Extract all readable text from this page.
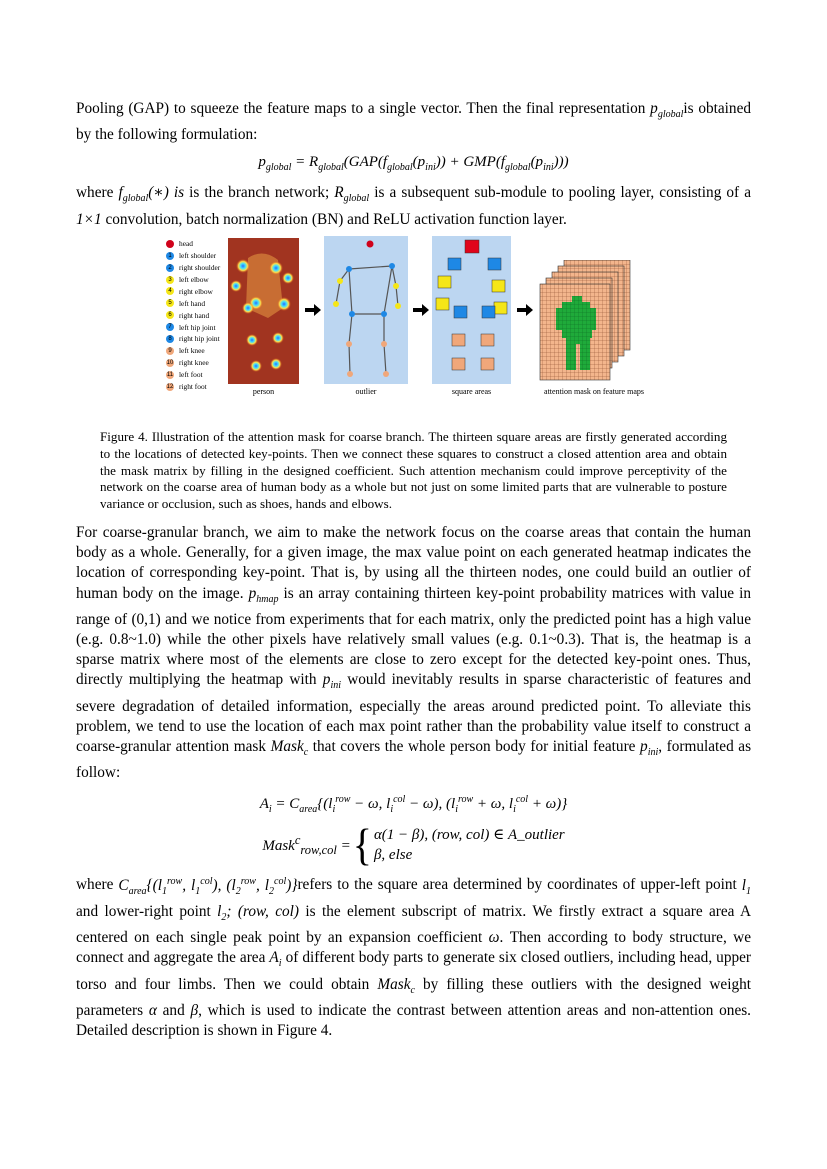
Pooling (GAP) to squeeze the feature maps to a single vector. Then the final representation $p_{global}is$ obtained by the following formulation:

$p_{global} = R_{global}(GAP(f_{global}(p_{ini})) + GMP(f_{global}(p_{ini})))$

where $f_{global}(∗)$ is is the branch network; $R_{global}$ is a subsequent sub-module to pooling layer, consisting of a 1×1 convolution, batch normalization (BN) and ReLU activation function layer.

head
1 left shoulder
2 right shoulder
3 left elbow
4 right elbow
5 left hand
6 right hand
7 left hip joint
8 right hip joint
9 left knee
10 right knee
11 left foot
12 right foot
person	outlier	square areas	attention mask on feature maps
Figure 4. Illustration of the attention mask for coarse branch. The thirteen square areas are firstly generated according to the locations of detected key-points. Then we connect these squares to construct a closed attention area and obtain the mask matrix by filling in the designed coefficient. Such attention mechanism could improve perceptivity of the network on the coarse area of human body as a whole but not just on some limited parts that are vulnerable to posture variance or occlusion, such as shoes, hands and elbows.

For coarse-granular branch, we aim to make the network focus on the coarse areas that contain the human body as a whole. Generally, for a given image, the max value point on each generated heatmap indicates the location of corresponding key-point. That is, by using all the thirteen nodes, one could build an outlier of human body on the image. $p_{hmap}$ is an array containing thirteen key-point probability matrices with value in range of (0,1) and we notice from experiments that for each matrix, only the predicted point has a high value (e.g. 0.8~1.0) while the other pixels have relatively small values (e.g. 0.1~0.3). That is, the heatmap is a sparse matrix where most of the elements are close to zero except for the detected key-point ones. Thus, directly multiplying the heatmap with $p_{ini}$ would inevitably results in sparse characteristic of features and severe degradation of detailed information, especially the areas around predicted point. To alleviate this problem, we tend to use the location of each max point rather than the probability value itself to construct a coarse-granular attention mask Mask$_c$ that covers the whole person body for initial feature $p_{ini}$, formulated as follow:

$A_i = C_{area}\{(l_i^{row} - \omega$, $l_i^{col} - \omega$), ($l_i^{row} + \omega$, $l_i^{col} + \omega$)}
Mask$^c_{row,col}$ = { α(1 − β), (row, col) ∈ A_outlier
β, else

where $C_{area}\{(l_1^{row}$, $l_1^{col}$), ($l_2^{row}$, $l_2^{col})\}refers$ to the square area determined by coordinates of upper-left point $l_1$ and lower-right point $l_2$; (row, col) is the element subscript of matrix. We firstly extract a square area A centered on each single peak point by an expansion coefficient ω. Then according to body structure, we connect and aggregate the area $A_i$ of different body parts to generate six closed outliers, including head, upper torso and four limbs. Then we could obtain Mask$_c$ by filling these outliers with the designed weight parameters α and β, which is used to indicate the contrast between attention areas and non-attention ones. Detailed description is shown in Figure 4.
